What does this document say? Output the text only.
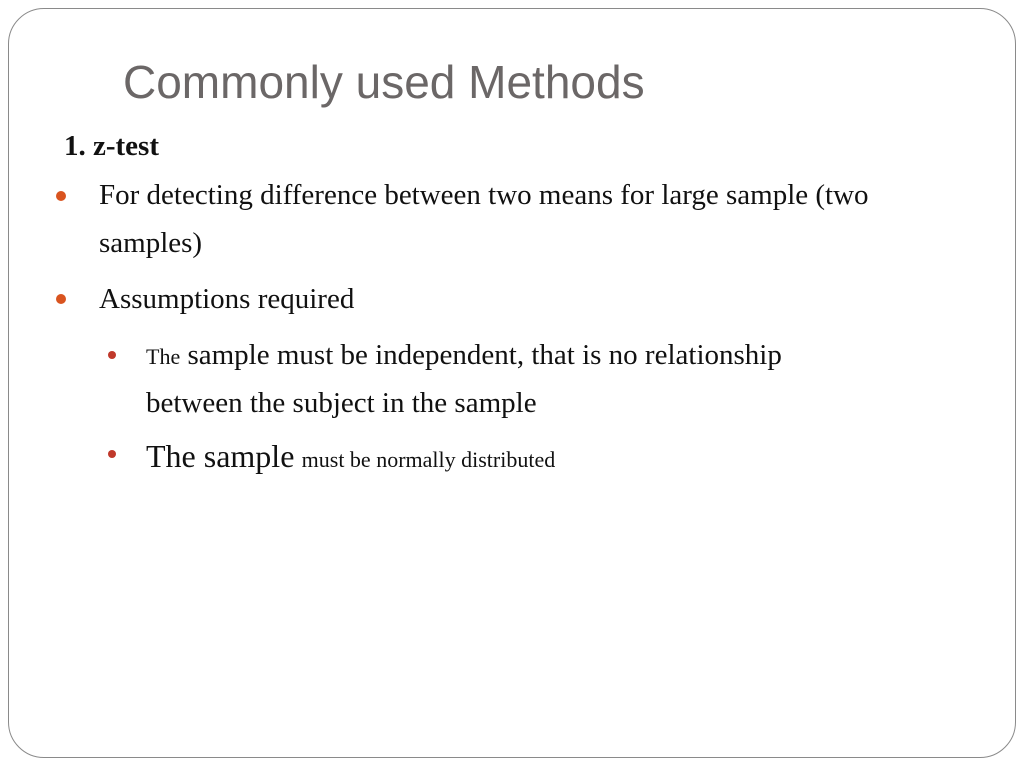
Commonly used Methods
1. z-test
For detecting difference between two means for large sample (two samples)
Assumptions required
The sample must be independent, that is no relationship between the subject in the sample
The sample must be normally distributed
